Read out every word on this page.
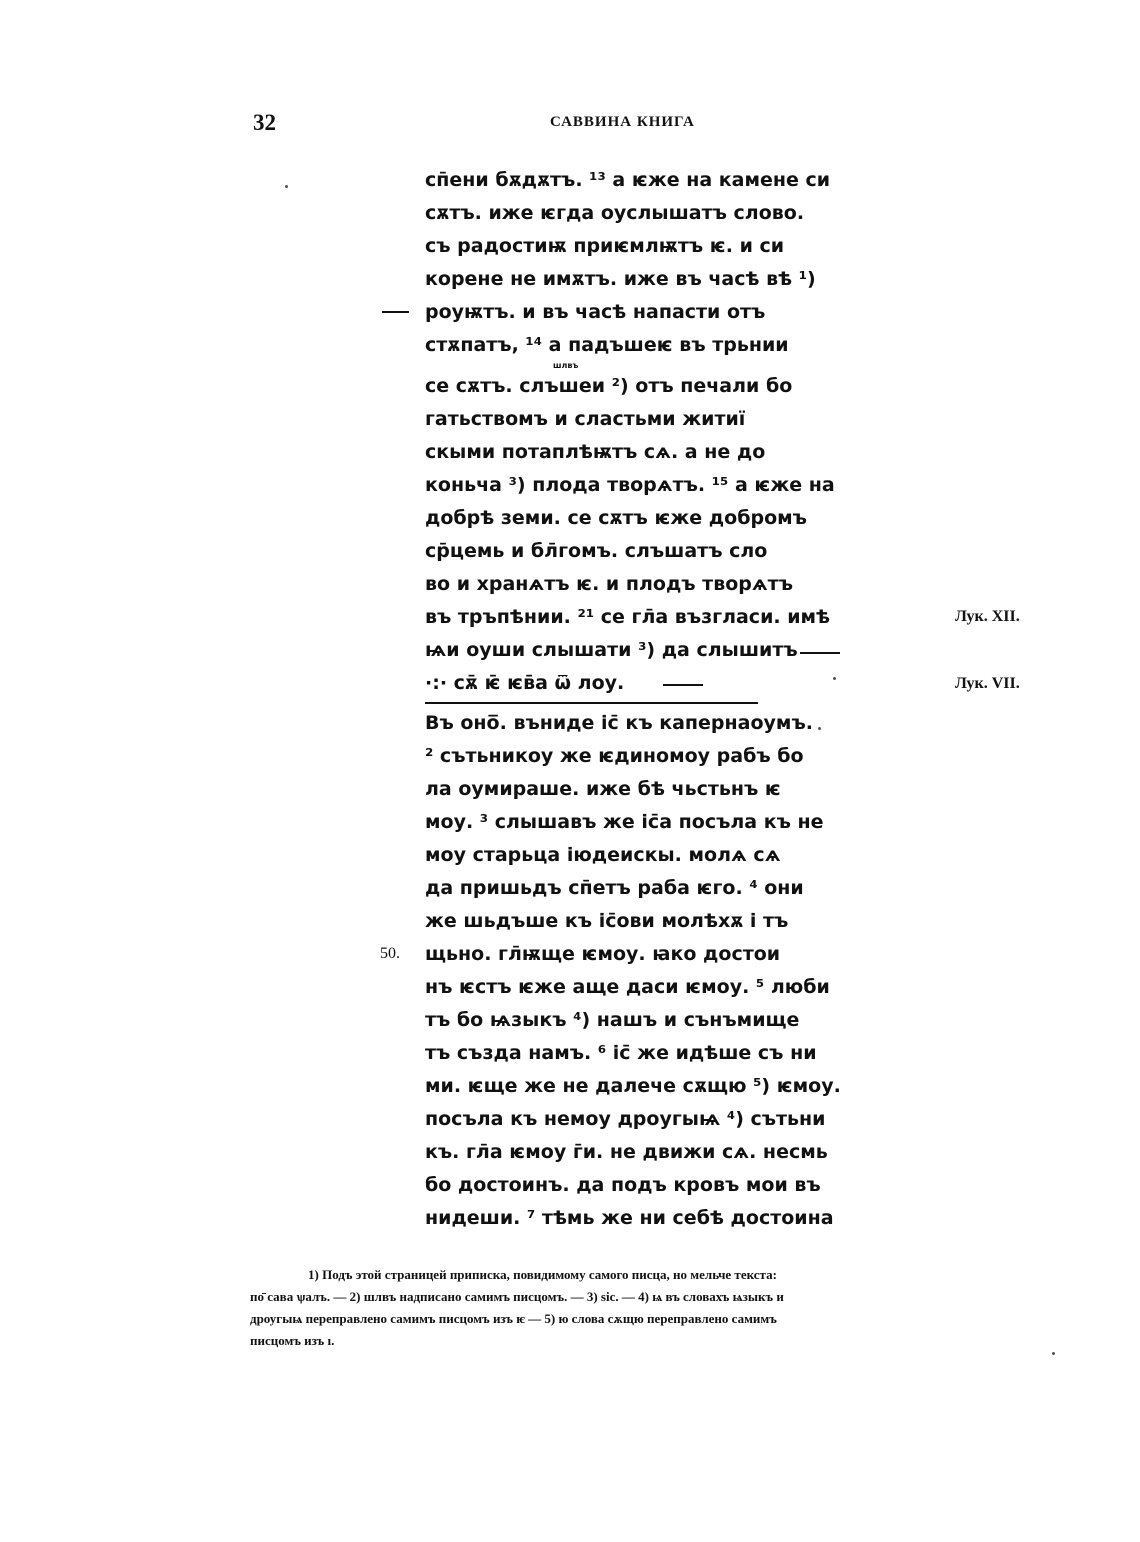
32	САВВИНА КНИГА
сп̄ени бѫдѫтъ. ¹³ а ѥже на камене си
сѫтъ. иже ѥгда оуслышатъ слово.
съ радостиѭ приѥмлѭтъ ѥ. и си
корене не имѫтъ. иже въ часѣ вѣ ¹)
роуѭтъ. и въ часѣ напасти отъ
стѫпатъ, ¹⁴ а падъшеѥ въ трьнии
шлвъ
се сѫтъ. слъшеи ²) отъ печали бо
гатьствомъ и сластьми житиї
скыми потаплѣѭтъ сѧ. а не до
коньча ³) плода творѧтъ. ¹⁵ а ѥже на
добрѣ земи. се сѫтъ ѥже добромъ
ср̄цемь и бл̄гомъ. слъшатъ сло
во и хранѧтъ ѥ. и плодъ творѧтъ
въ тръпѣнии. ²¹ се гл̄а възгласи. имѣ
ѩи оуши слышати ³) да слышитъ
·:· сѫ̄ ѥ̄ ѥв̄а ѿ лоу.
Въ онo̅. вънидe іс̄ къ капернаоумъ.
² сътьникоу же ѥдиномоу рабъ бо
ла оумираше. иже бѣ чьстьнъ ѥ
моу. ³ слышавъ же іс̄а посъла къ не
моу старьца іюдеискы. молѧ сѧ
да пришьдъ сп̄етъ раба ѥго. ⁴ они
же шьдъше къ іс̄ови молѣхѫ і тъ
щьно. гл̄ѭще ѥмоу. ꙗко достои
нъ ѥстъ ѥже аще даси ѥмоу. ⁵ люби
тъ бо ѩзыкъ ⁴) нашъ и сънъмище
тъ създа намъ. ⁶ іс̄ же идѣше съ ни
ми. ѥще же не далече сѫщю ⁵) ѥмоу.
посъла къ немоу дроугыѩ ⁴) сътьни
къ. гл̄а ѥмоу г̄и. не движи сѧ. несмь
бо достоинъ. да подъ кровъ мои въ
нидеши. ⁷ тѣмь же ни себѣ достоина
50.
Лук. XII.
Лук. VII.
1) Подъ этой страницей приписка, повидимому самого писца, но мельче текста:
по̄ сава ѱалъ. — 2) шлвъ надписано самимъ писцомъ. — 3) sic. — 4) ѩ въ словахъ ѩзыкъ и
дроугыѩ переправлено самимъ писцомъ изъ ѥ — 5) ю слова сѫщю переправлено самимъ
писцомъ изъ ı.
